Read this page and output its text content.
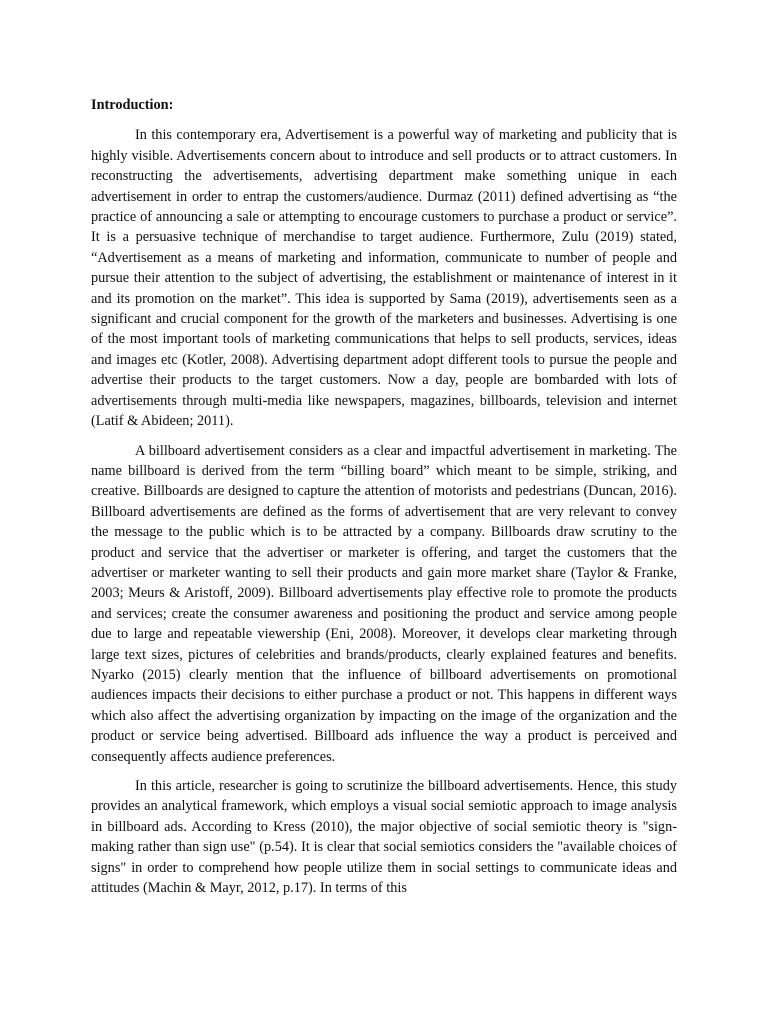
Introduction:

In this contemporary era, Advertisement is a powerful way of marketing and publicity that is highly visible. Advertisements concern about to introduce and sell products or to attract customers. In reconstructing the advertisements, advertising department make something unique in each advertisement in order to entrap the customers/audience. Durmaz (2011) defined advertising as “the practice of announcing a sale or attempting to encourage customers to purchase a product or service”. It is a persuasive technique of merchandise to target audience. Furthermore, Zulu (2019) stated, “Advertisement as a means of marketing and information, communicate to number of people and pursue their attention to the subject of advertising, the establishment or maintenance of interest in it and its promotion on the market”. This idea is supported by Sama (2019), advertisements seen as a significant and crucial component for the growth of the marketers and businesses. Advertising is one of the most important tools of marketing communications that helps to sell products, services, ideas and images etc (Kotler, 2008). Advertising department adopt different tools to pursue the people and advertise their products to the target customers. Now a day, people are bombarded with lots of advertisements through multi-media like newspapers, magazines, billboards, television and internet (Latif & Abideen; 2011).

A billboard advertisement considers as a clear and impactful advertisement in marketing. The name billboard is derived from the term “billing board” which meant to be simple, striking, and creative. Billboards are designed to capture the attention of motorists and pedestrians (Duncan, 2016). Billboard advertisements are defined as the forms of advertisement that are very relevant to convey the message to the public which is to be attracted by a company. Billboards draw scrutiny to the product and service that the advertiser or marketer is offering, and target the customers that the advertiser or marketer wanting to sell their products and gain more market share (Taylor & Franke, 2003; Meurs & Aristoff, 2009). Billboard advertisements play effective role to promote the products and services; create the consumer awareness and positioning the product and service among people due to large and repeatable viewership (Eni, 2008). Moreover, it develops clear marketing through large text sizes, pictures of celebrities and brands/products, clearly explained features and benefits. Nyarko (2015) clearly mention that the influence of billboard advertisements on promotional audiences impacts their decisions to either purchase a product or not. This happens in different ways which also affect the advertising organization by impacting on the image of the organization and the product or service being advertised. Billboard ads influence the way a product is perceived and consequently affects audience preferences.

In this article, researcher is going to scrutinize the billboard advertisements. Hence, this study provides an analytical framework, which employs a visual social semiotic approach to image analysis in billboard ads. According to Kress (2010), the major objective of social semiotic theory is "sign-making rather than sign use" (p.54). It is clear that social semiotics considers the "available choices of signs" in order to comprehend how people utilize them in social settings to communicate ideas and attitudes (Machin & Mayr, 2012, p.17). In terms of this
